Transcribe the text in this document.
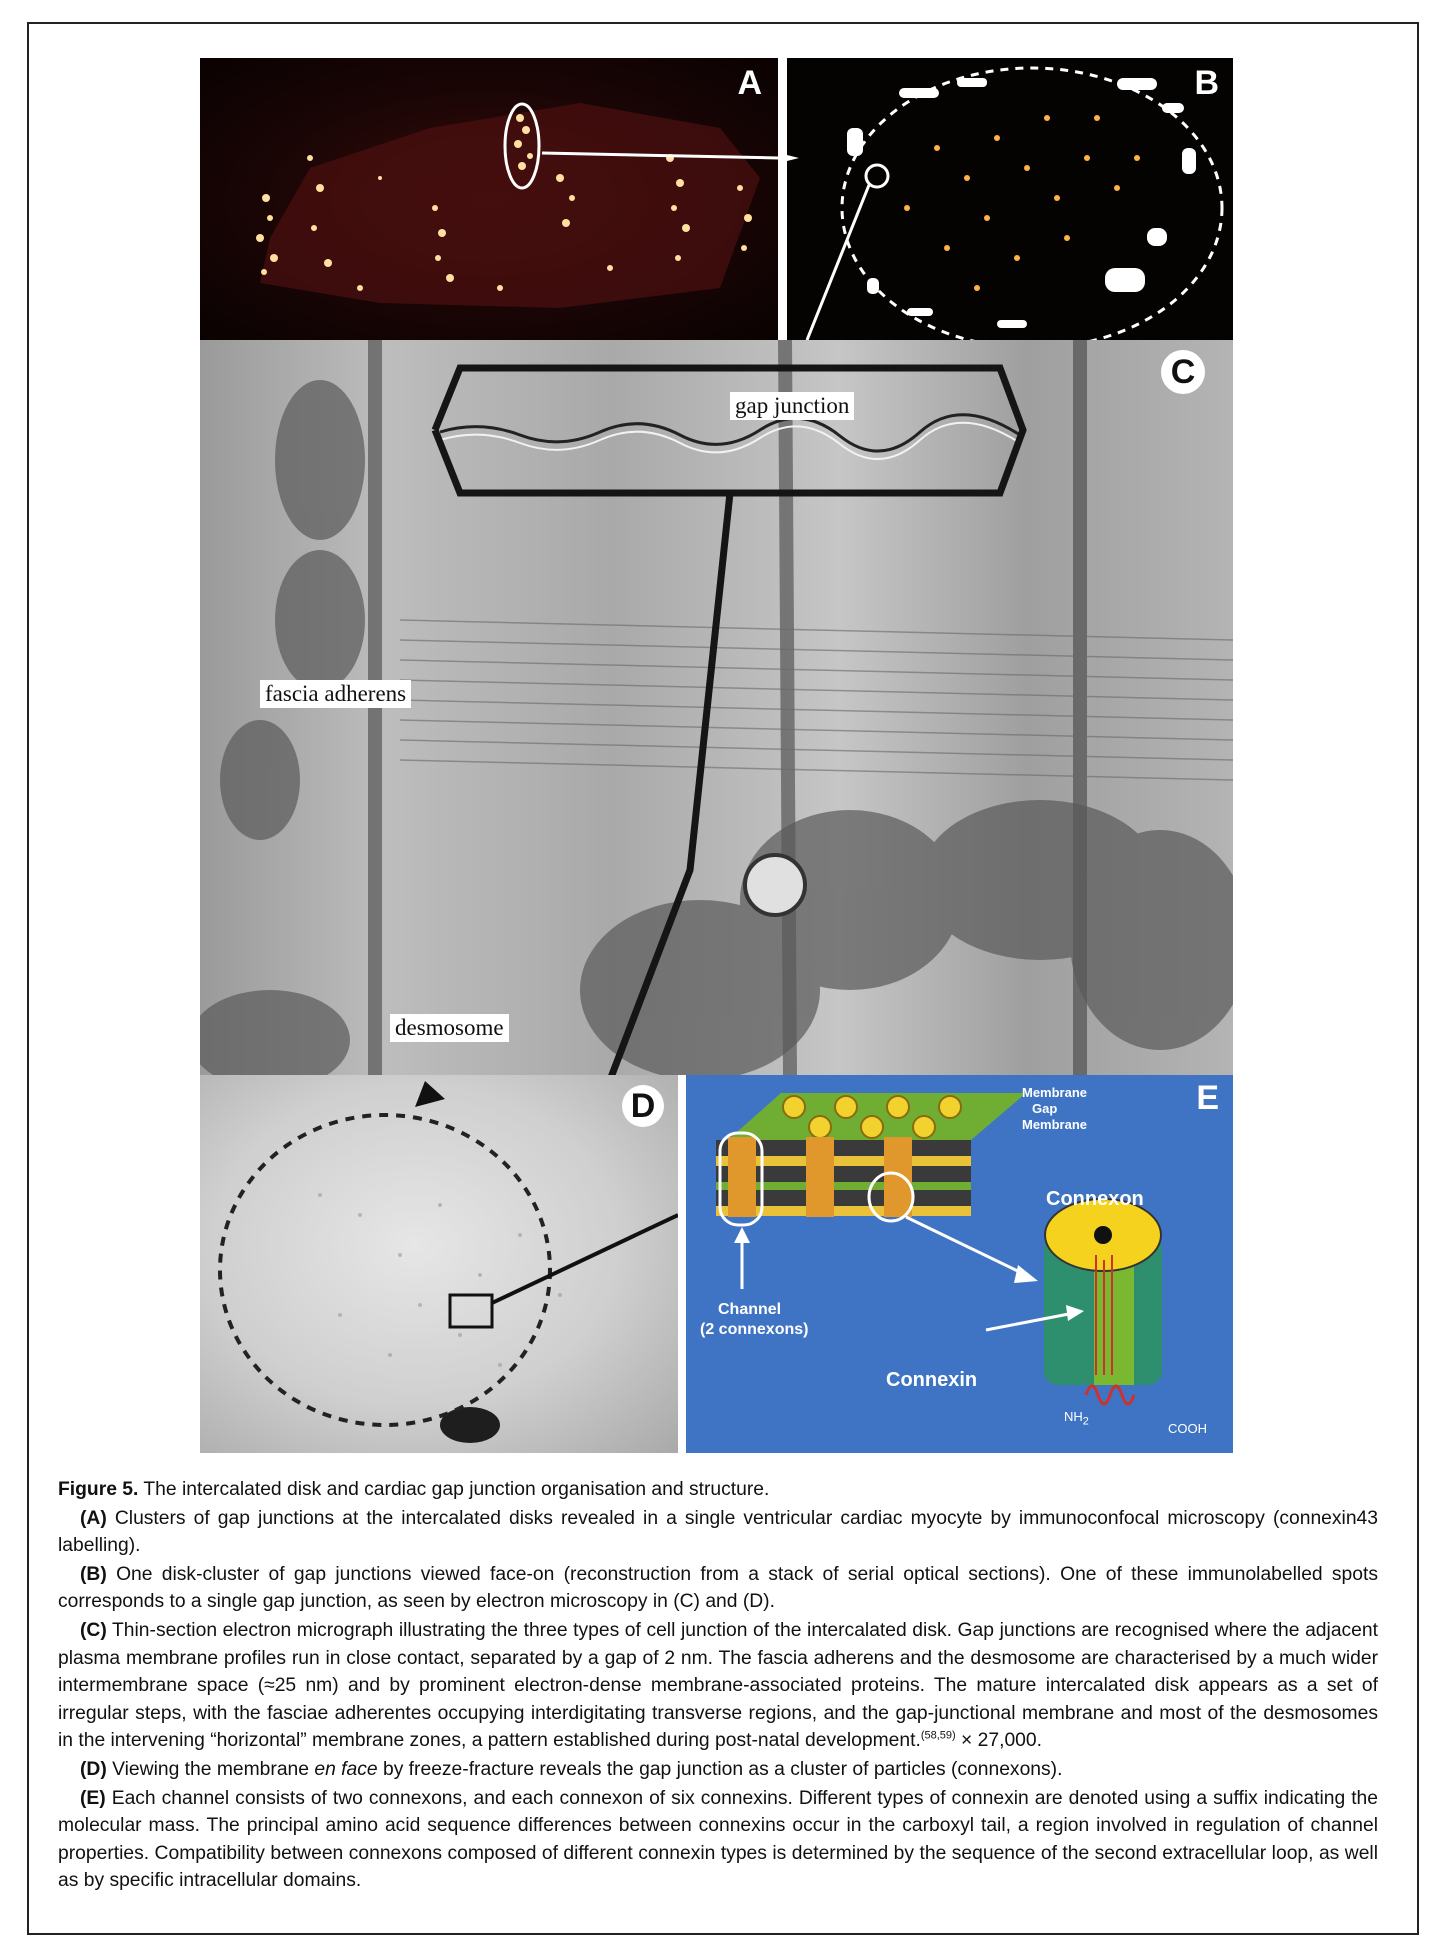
A	B
C
gap junction
fascia adherens
desmosome
D	E
Membrane
Gap
Membrane
Connexon
Channel
(2 connexons)
Connexin
$NH_2$	COOH

Figure 5. The intercalated disk and cardiac gap junction organisation and structure.

(A) Clusters of gap junctions at the intercalated disks revealed in a single ventricular cardiac myocyte by immunoconfocal microscopy (connexin43 labelling).

(B) One disk-cluster of gap junctions viewed face-on (reconstruction from a stack of serial optical sections). One of these immunolabelled spots corresponds to a single gap junction, as seen by electron microscopy in (C) and (D).

(C) Thin-section electron micrograph illustrating the three types of cell junction of the intercalated disk. Gap junctions are recognised where the adjacent plasma membrane profiles run in close contact, separated by a gap of 2 nm. The fascia adherens and the desmosome are characterised by a much wider intermembrane space (≈25 nm) and by prominent electron-dense membrane-associated proteins. The mature intercalated disk appears as a set of irregular steps, with the fasciae adherentes occupying interdigitating transverse regions, and the gap-junctional membrane and most of the desmosomes in the intervening “horizontal” membrane zones, a pattern established during post-natal development.$^{(58,59)}$ × 27,000.

(D) Viewing the membrane en face by freeze-fracture reveals the gap junction as a cluster of particles (connexons).

(E) Each channel consists of two connexons, and each connexon of six connexins. Different types of connexin are denoted using a suffix indicating the molecular mass. The principal amino acid sequence differences between connexins occur in the carboxyl tail, a region involved in regulation of channel properties. Compatibility between connexons composed of different connexin types is determined by the sequence of the second extracellular loop, as well as by specific intracellular domains.
